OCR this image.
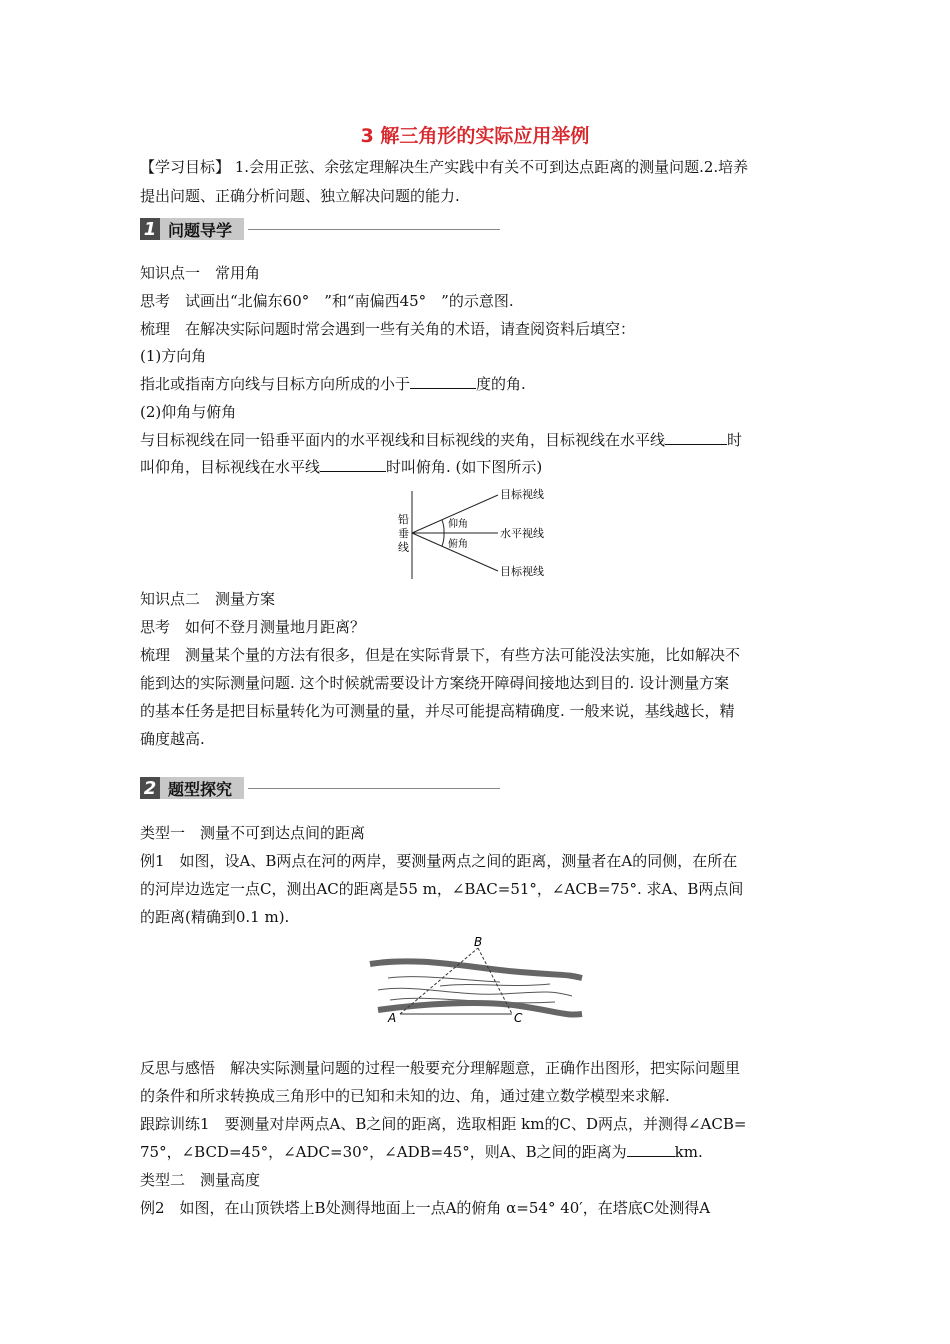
3 解三角形的实际应用举例
【学习目标】 1.会用正弦、余弦定理解决生产实践中有关不可到达点距离的测量问题.2.培养
提出问题、正确分析问题、独立解决问题的能力.
1 问题导学
知识点一　常用角
思考　试画出“北偏东60°　”和“南偏西45°　”的示意图.
梳理　在解决实际问题时常会遇到一些有关角的术语，请查阅资料后填空：
(1)方向角
指北或指南方向线与目标方向所成的小于	度的角.
(2)仰角与俯角
与目标视线在同一铅垂平面内的水平视线和目标视线的夹角，目标视线在水平线	时
叫仰角，目标视线在水平线	时叫俯角. (如下图所示)
铅
垂
线
目标视线
水平视线
目标视线
仰角
俯角
知识点二　测量方案
思考　如何不登月测量地月距离？
梳理　测量某个量的方法有很多，但是在实际背景下，有些方法可能没法实施，比如解决不
能到达的实际测量问题. 这个时候就需要设计方案绕开障碍间接地达到目的. 设计测量方案
的基本任务是把目标量转化为可测量的量，并尽可能提高精确度. 一般来说，基线越长，精
确度越高.
2 题型探究
类型一　测量不可到达点间的距离
例1　如图，设A、B两点在河的两岸，要测量两点之间的距离，测量者在A的同侧，在所在
的河岸边选定一点C，测出AC的距离是55 m，∠BAC=51°，∠ACB=75°. 求A、B两点间
的距离(精确到0.1 m).
B
A	C
反思与感悟　解决实际测量问题的过程一般要充分理解题意，正确作出图形，把实际问题里
的条件和所求转换成三角形中的已知和未知的边、角，通过建立数学模型来求解.
跟踪训练1　要测量对岸两点A、B之间的距离，选取相距 km的C、D两点，并测得∠ACB=
75°，∠BCD=45°，∠ADC=30°，∠ADB=45°，则A、B之间的距离为	km.
类型二　测量高度
例2　如图，在山顶铁塔上B处测得地面上一点A的俯角 α=54° 40′，在塔底C处测得A
